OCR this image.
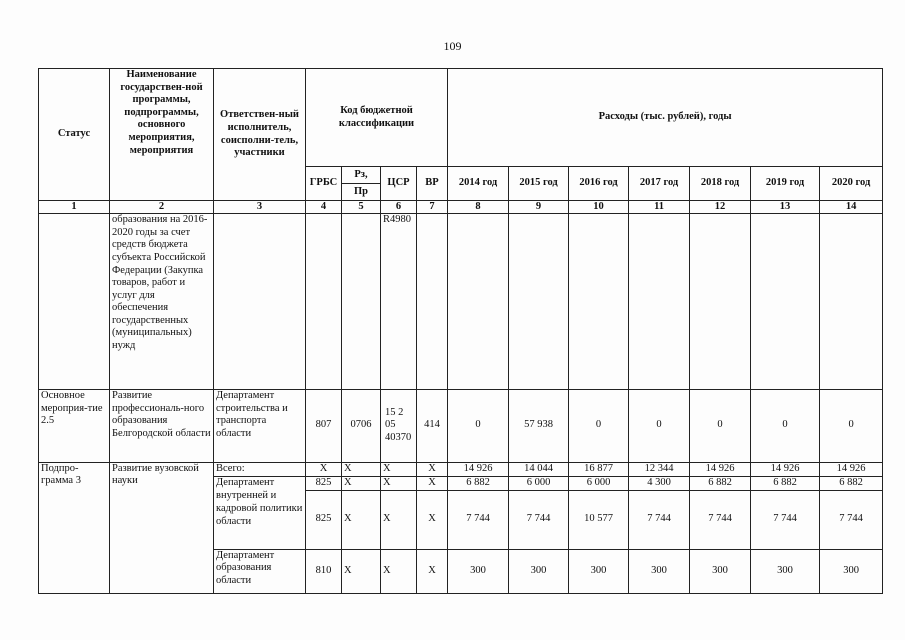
109
Статус	Наименование государствен-ной программы, подпрограммы, основного мероприятия, мероприятия	Ответствен-ный исполнитель, соисполни-тель, участники	Код бюджетной классификации				Расходы (тыс. рублей), годы						
			ГРБС	Рз,	ЦСР	ВР	2014 год	2015 год	2016 год	2017 год	2018 год	2019 год	2020 год
				Пр									
1	2	3	4	5	6	7	8	9	10	11	12	13	14
	образования на 2016-2020 годы за счет средств бюджета субъекта Российской Федерации (Закупка товаров, работ и услуг для обеспечения государственных (муниципальных) нужд				R4980								
Основное мероприя-тие 2.5	Развитие профессиональ-ного образования Белгородской области	Департамент строительства и транспорта области	807	0706	15 2 05 40370	414	0	57 938	0	0	0	0	0
Подпро-грамма 3	Развитие вузовской науки	Всего:	X	X	X	X	14 926	14 044	16 877	12 344	14 926	14 926	14 926
		Департамент	825	X	X	X	6 882	6 000	6 000	4 300	6 882	6 882	6 882
		внутренней и кадровой политики области	825	X	X	X	7 744	7 744	10 577	7 744	7 744	7 744	7 744
		Департамент образования области	810	X	X	X	300	300	300	300	300	300	300
